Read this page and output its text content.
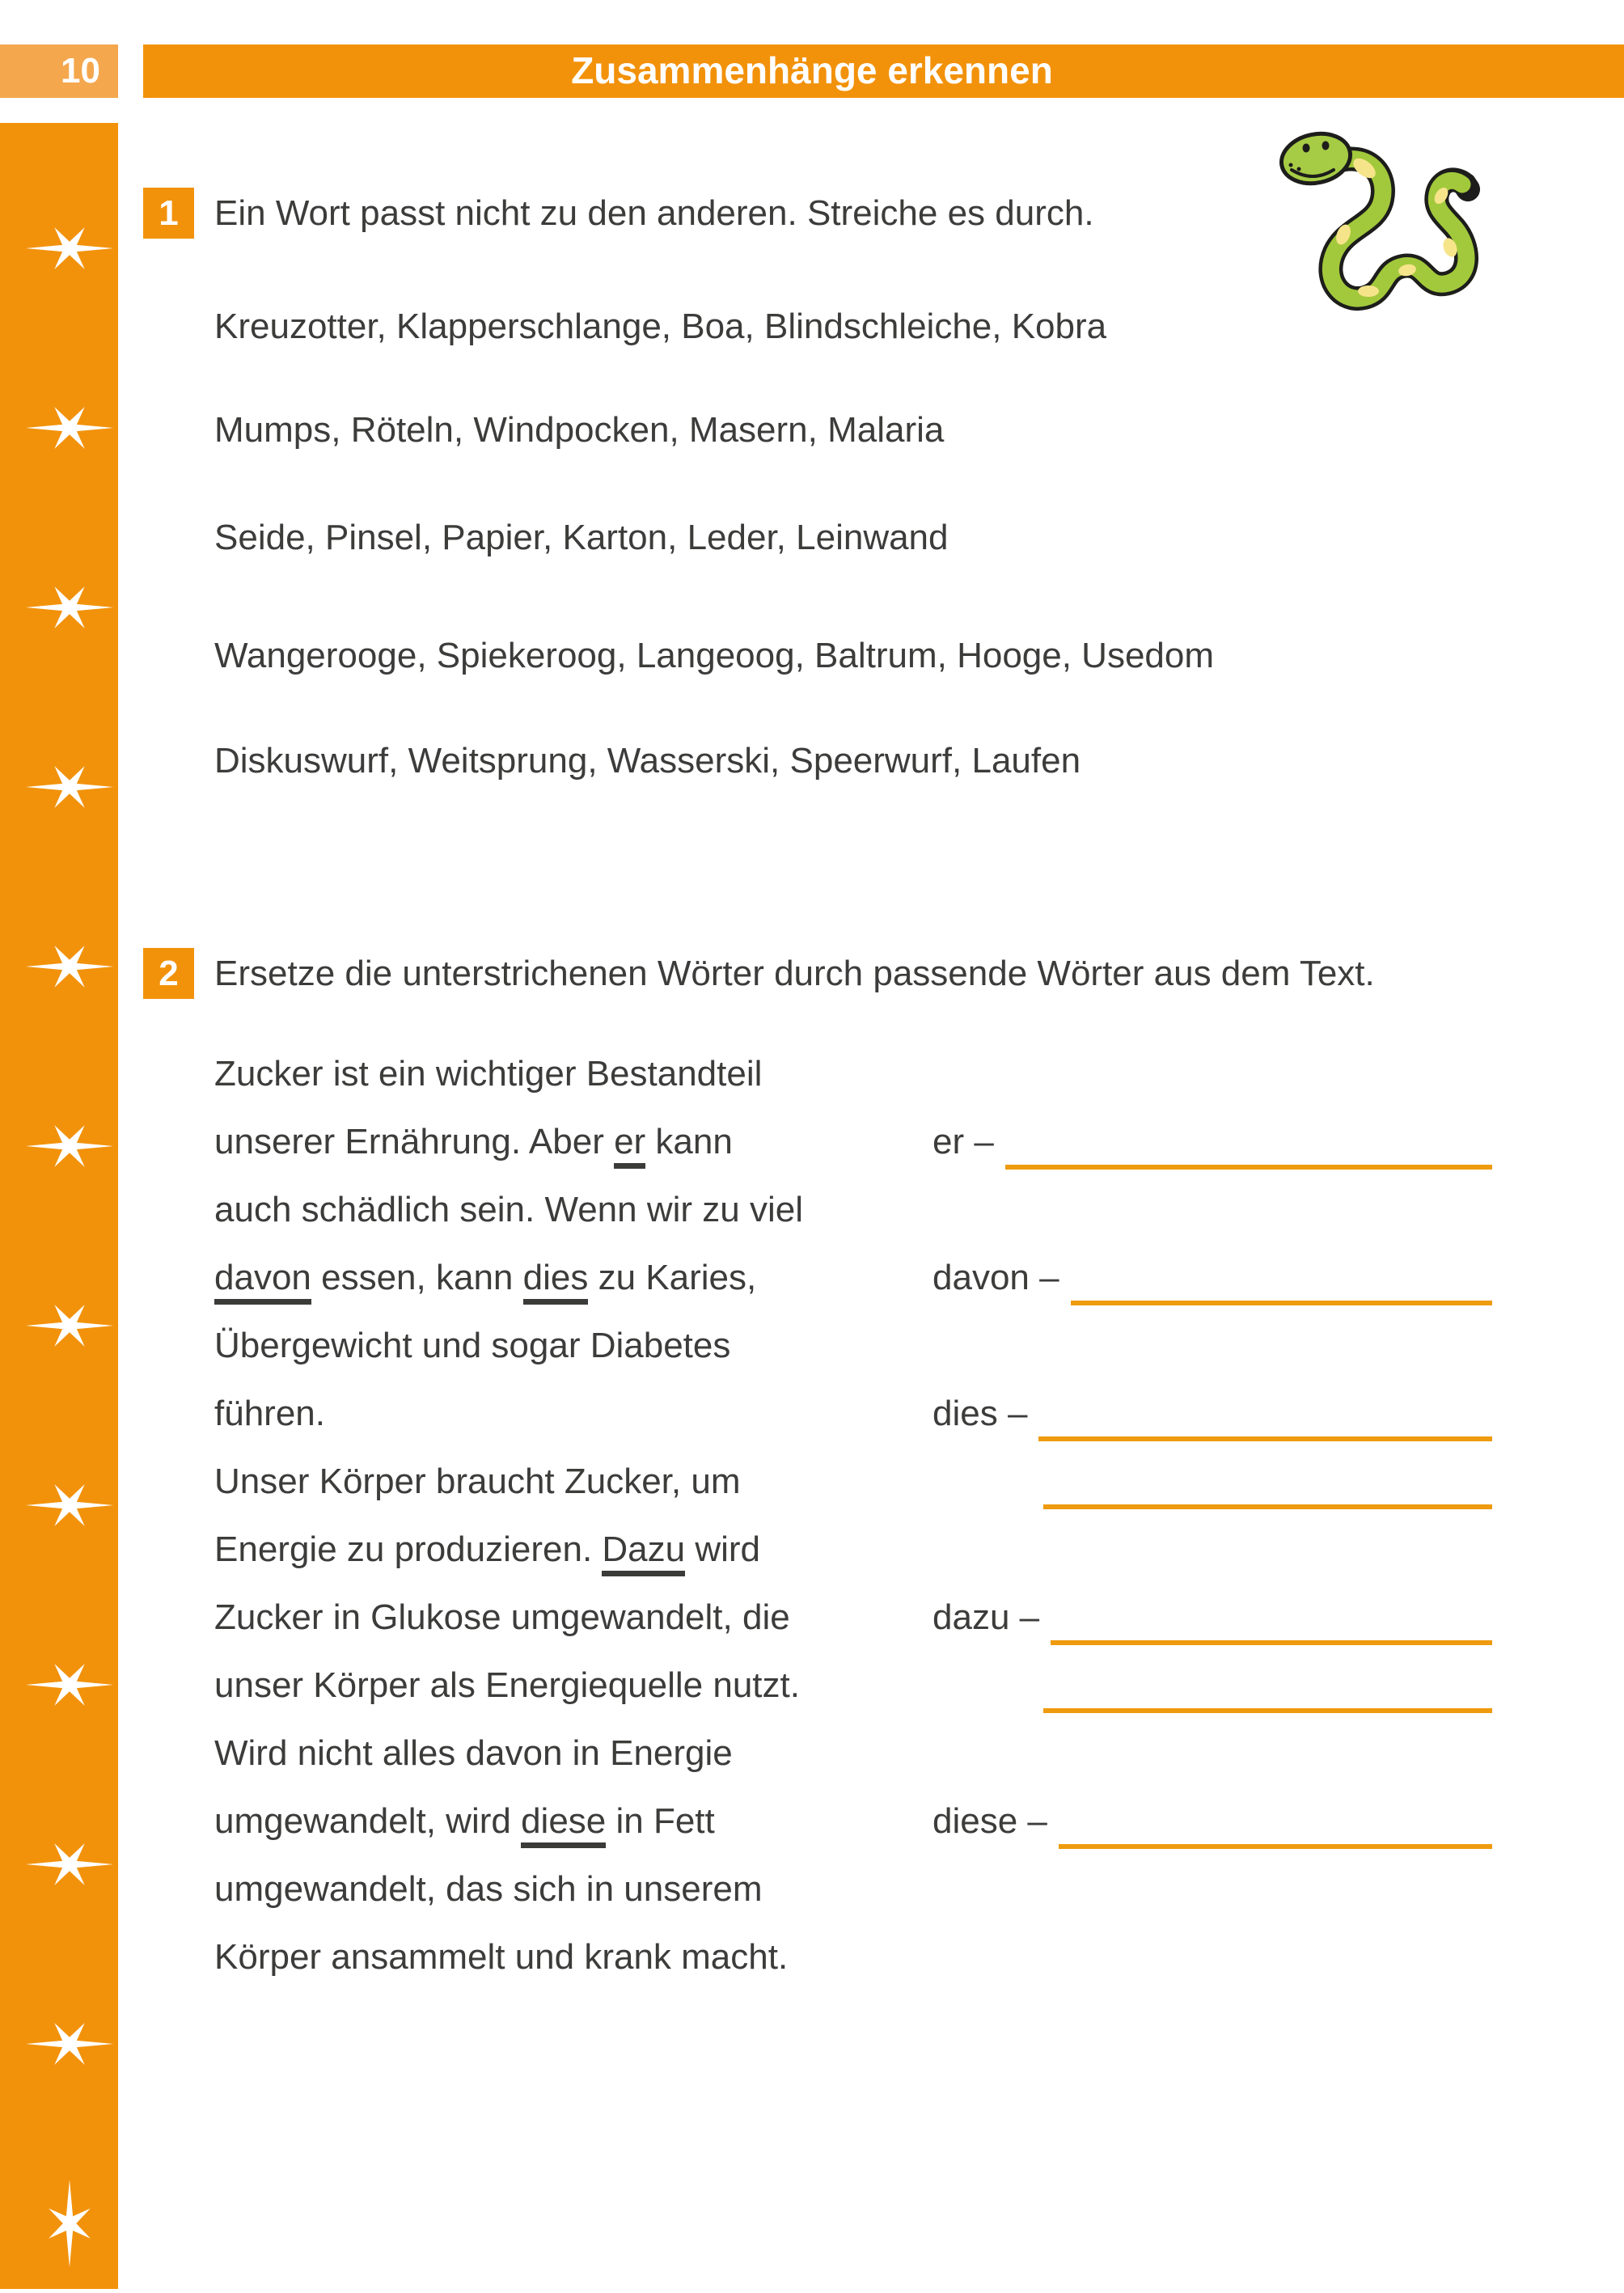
10	Zusammenhänge erkennen
1	Ein Wort passt nicht zu den anderen. Streiche es durch.
Kreuzotter, Klapperschlange, Boa, Blindschleiche, Kobra
Mumps, Röteln, Windpocken, Masern, Malaria
Seide, Pinsel, Papier, Karton, Leder, Leinwand
Wangerooge, Spiekeroog, Langeoog, Baltrum, Hooge, Usedom
Diskuswurf, Weitsprung, Wasserski, Speerwurf, Laufen
2	Ersetze die unterstrichenen Wörter durch passende Wörter aus dem Text.
Zucker ist ein wichtiger Bestandteil
unserer Ernährung. Aber er kann
auch schädlich sein. Wenn wir zu viel
davon essen, kann dies zu Karies,
Übergewicht und sogar Diabetes
führen.
Unser Körper braucht Zucker, um
Energie zu produzieren. Dazu wird
Zucker in Glukose umgewandelt, die
unser Körper als Energiequelle nutzt.
Wird nicht alles davon in Energie
umgewandelt, wird diese in Fett
umgewandelt, das sich in unserem
Körper ansammelt und krank macht.
er –
davon –
dies –
dazu –
diese –
